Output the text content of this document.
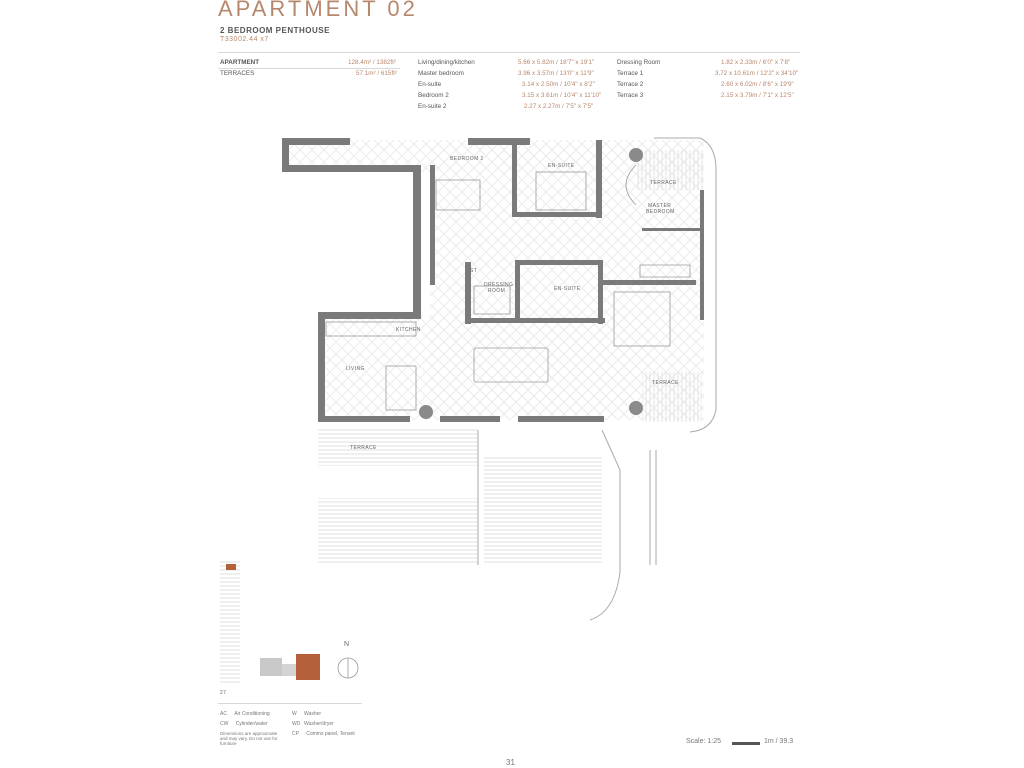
APARTMENT 02
2 BEDROOM PENTHOUSE
T33002.44 x7
APARTMENT	128.4m² / 1382ft²
TERRACES	57.1m² / 615ft²
Living/dining/kitchen	5.66 x 5.82m / 18'7" x 19'1"
Master bedroom	3.96 x 3.57m / 13'0" x 11'9"
En-suite	3.14 x 2.50m / 10'4" x 8'2"
Bedroom 2	3.15 x 3.61m / 10'4" x 11'10"
En-suite 2	2.27 x 2.27m / 7'5" x 7'5"
Dressing Room	1.82 x 2.33m / 6'0" x 7'8"
Terrace 1	3.72 x 10.61m / 12'2" x 34'10"
Terrace 2	2.60 x 6.02m / 8'6" x 19'9"
Terrace 3	2.15 x 3.79m / 7'1" x 12'5"
BEDROOM 2
EN-SUITE
TERRACE
MASTER
BEDROOM
DRESSING
ROOM	EN-SUITE
ST
KITCHEN
LIVING
TERRACE
TERRACE
N
27
AC Air Conditioning	W Washer
CW Cylinder/water	WD Washer/dryer
Dimensions are approximate and may vary. Do not use for furniture
CP Comms panel, Tenant
Scale: 1:25	1m / 39.3
31
